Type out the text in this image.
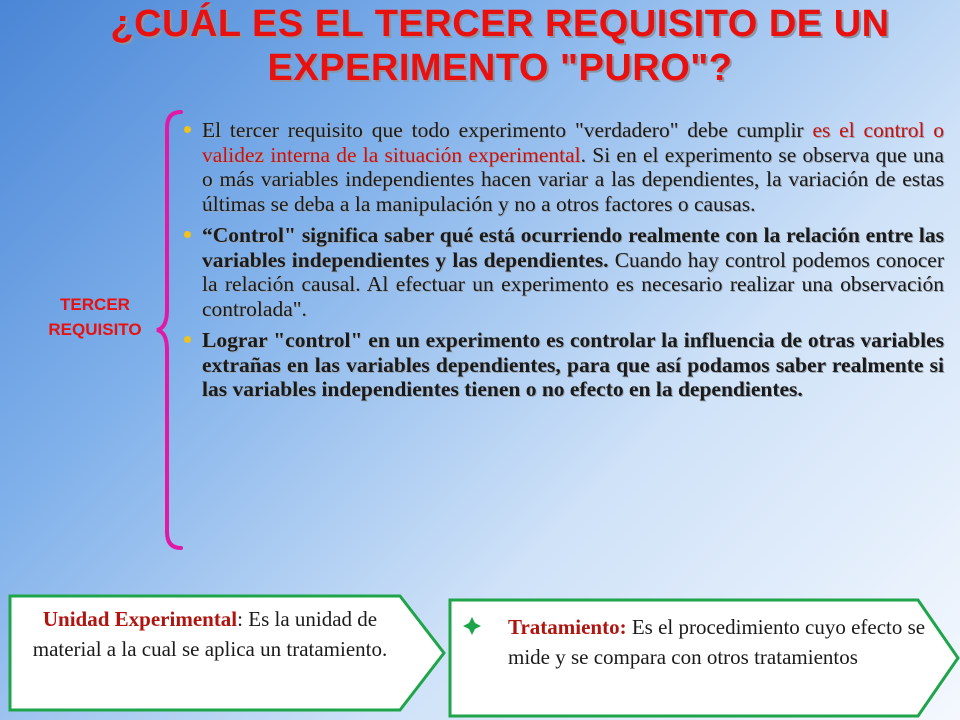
¿CUÁL ES EL TERCER REQUISITO DE UN EXPERIMENTO "PURO"?
TERCER
REQUISITO
El tercer requisito que todo experimento "verdadero" debe cumplir es el control o validez interna de la situación experimental. Si en el experimento se observa que una o más variables independientes hacen variar a las dependientes, la variación de estas últimas se deba a la manipulación y no a otros factores o causas.
“Control" significa saber qué está ocurriendo realmente con la relación entre las variables independientes y las dependientes. Cuando hay control podemos conocer la relación causal. Al efectuar un experimento es necesario realizar una observación controlada".
Lograr "control" en un experimento es controlar la influencia de otras variables extrañas en las variables dependientes, para que así podamos saber realmente si las variables independientes tienen o no efecto en la dependientes.
Unidad Experimental: Es la unidad de material a la cual se aplica un tratamiento.
Tratamiento: Es el procedimiento cuyo efecto se mide y se compara con otros tratamientos
